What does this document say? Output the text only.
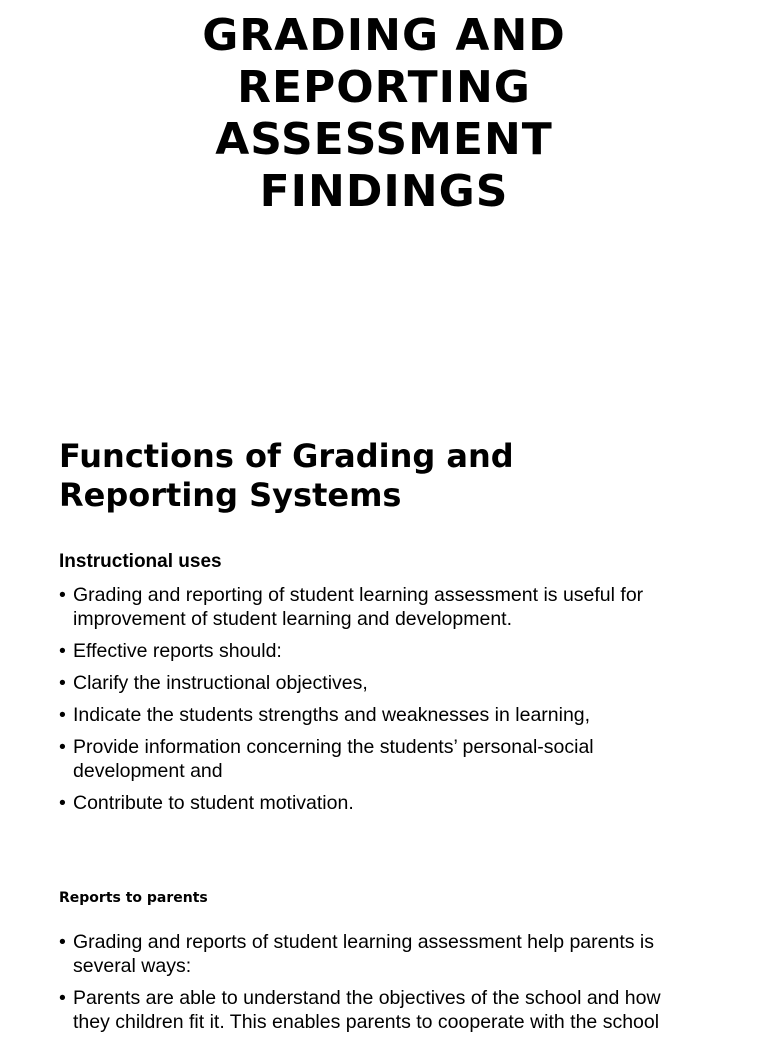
GRADING AND
REPORTING
ASSESSMENT
FINDINGS
Functions of Grading and
Reporting Systems
Instructional uses
• Grading and reporting of student learning assessment is useful for
improvement of student learning and development.
• Effective reports should:
• Clarify the instructional objectives,
• Indicate the students strengths and weaknesses in learning,
• Provide information concerning the students’ personal-social
development and
• Contribute to student motivation.
Reports to parents
• Grading and reports of student learning assessment help parents is
several ways:
• Parents are able to understand the objectives of the school and how
they children fit it. This enables parents to cooperate with the school
